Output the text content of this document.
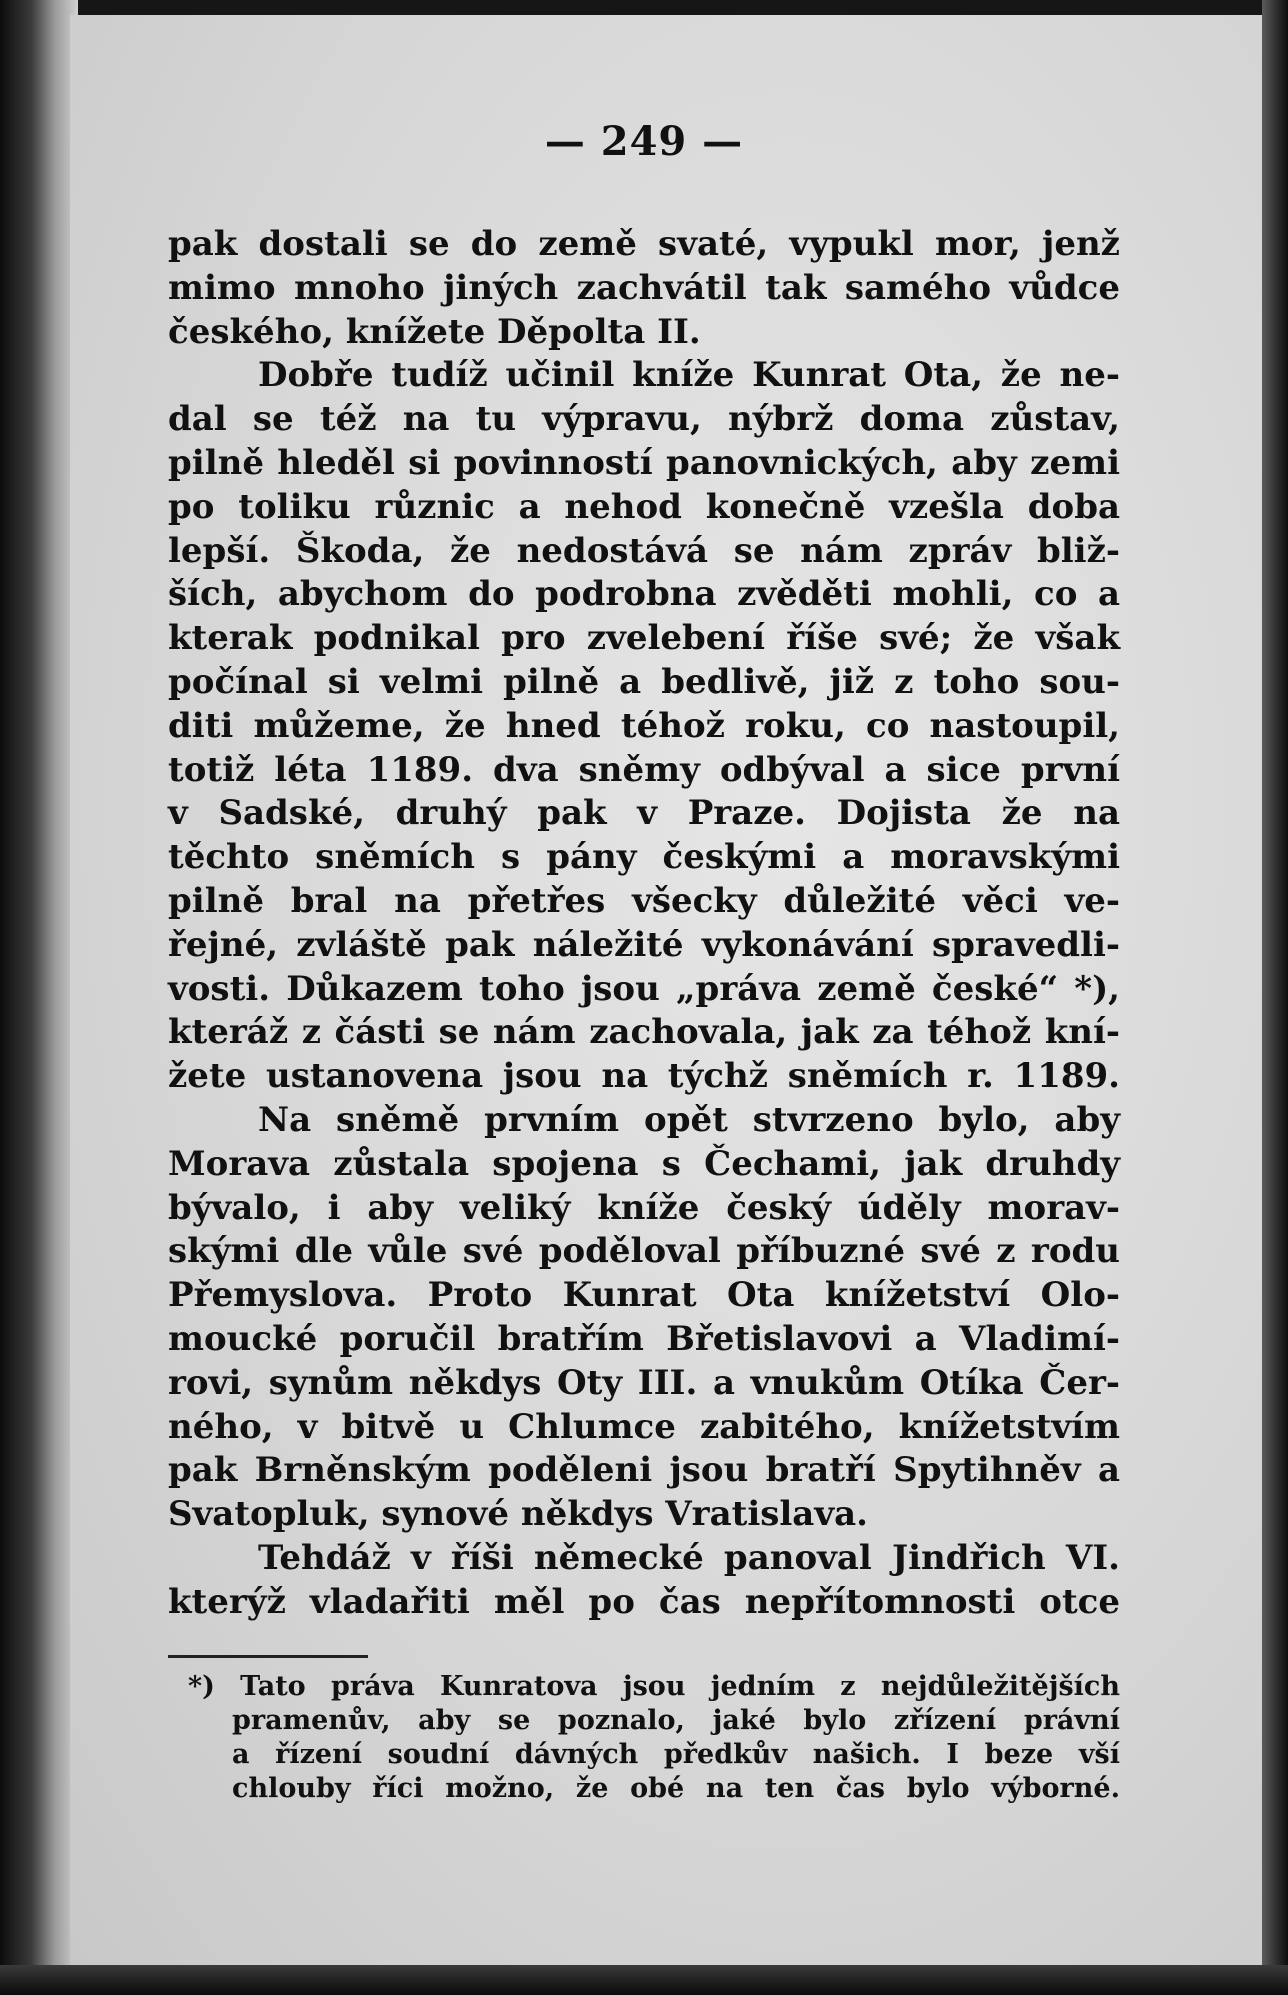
— 249 —
pak dostali se do země svaté, vypukl mor, jenž
mimo mnoho jiných zachvátil tak samého vůdce
českého, knížete Děpolta II.
Dobře tudíž učinil kníže Kunrat Ota, že ne-
dal se též na tu výpravu, nýbrž doma zůstav,
pilně hleděl si povinností panovnických, aby zemi
po toliku různic a nehod konečně vzešla doba
lepší. Škoda, že nedostává se nám zpráv bliž-
ších, abychom do podrobna zvěděti mohli, co a
kterak podnikal pro zvelebení říše své; že však
počínal si velmi pilně a bedlivě, již z toho sou-
diti můžeme, že hned téhož roku, co nastoupil,
totiž léta 1189. dva sněmy odbýval a sice první
v Sadské, druhý pak v Praze. Dojista že na
těchto sněmích s pány českými a moravskými
pilně bral na přetřes všecky důležité věci ve-
řejné, zvláště pak náležité vykonávání spravedli-
vosti. Důkazem toho jsou „práva země české“ *),
kteráž z části se nám zachovala, jak za téhož kní-
žete ustanovena jsou na týchž sněmích r. 1189.
Na sněmě prvním opět stvrzeno bylo, aby
Morava zůstala spojena s Čechami, jak druhdy
bývalo, i aby veliký kníže český úděly morav-
skými dle vůle své poděloval příbuzné své z rodu
Přemyslova. Proto Kunrat Ota knížetství Olo-
moucké poručil bratřím Břetislavovi a Vladimí-
rovi, synům někdys Oty III. a vnukům Otíka Čer-
ného, v bitvě u Chlumce zabitého, knížetstvím
pak Brněnským poděleni jsou bratří Spytihněv a
Svatopluk, synové někdys Vratislava.
Tehdáž v říši německé panoval Jindřich VI.
kterýž vladařiti měl po čas nepřítomnosti otce
*) Tato práva Kunratova jsou jedním z nejdůležitějších
pramenův, aby se poznalo, jaké bylo zřízení právní
a řízení soudní dávných předkův našich. I beze vší
chlouby říci možno, že obé na ten čas bylo výborné.
